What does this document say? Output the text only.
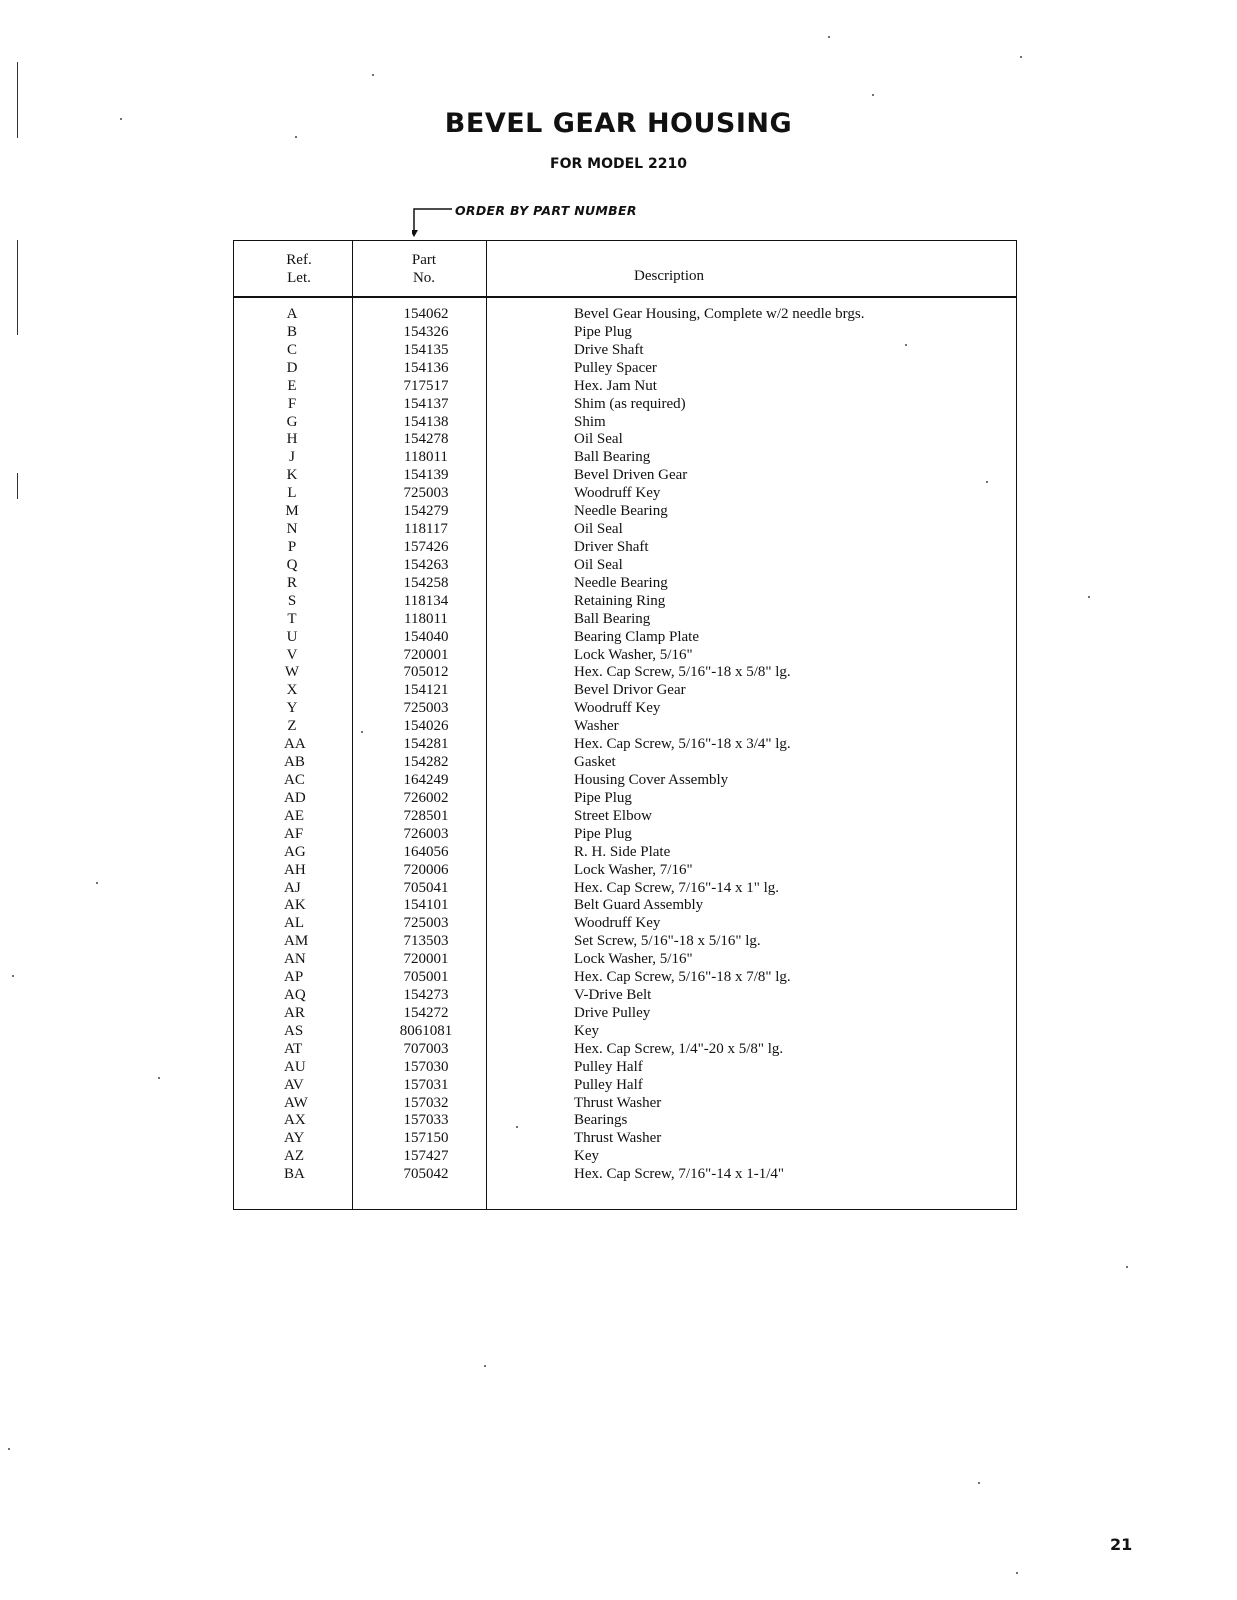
BEVEL GEAR HOUSING
FOR MODEL 2210
ORDER BY PART NUMBER
Ref.
Let.
Part
No.	Description
A	154062	Bevel Gear Housing, Complete w/2 needle brgs.
B	154326	Pipe Plug
C	154135	Drive Shaft
D	154136	Pulley Spacer
E	717517	Hex. Jam Nut
F	154137	Shim (as required)
G	154138	Shim
H	154278	Oil Seal
J	118011	Ball Bearing
K	154139	Bevel Driven Gear
L	725003	Woodruff Key
M	154279	Needle Bearing
N	118117	Oil Seal
P	157426	Driver Shaft
Q	154263	Oil Seal
R	154258	Needle Bearing
S	118134	Retaining Ring
T	118011	Ball Bearing
U	154040	Bearing Clamp Plate
V	720001	Lock Washer, 5/16"
W	705012	Hex. Cap Screw, 5/16"-18 x 5/8" lg.
X	154121	Bevel Drivor Gear
Y	725003	Woodruff Key
Z	154026	Washer
AA	154281	Hex. Cap Screw, 5/16"-18 x 3/4" lg.
AB	154282	Gasket
AC	164249	Housing Cover Assembly
AD	726002	Pipe Plug
AE	728501	Street Elbow
AF	726003	Pipe Plug
AG	164056	R. H. Side Plate
AH	720006	Lock Washer, 7/16"
AJ	705041	Hex. Cap Screw, 7/16"-14 x 1" lg.
AK	154101	Belt Guard Assembly
AL	725003	Woodruff Key
AM	713503	Set Screw, 5/16"-18 x 5/16" lg.
AN	720001	Lock Washer, 5/16"
AP	705001	Hex. Cap Screw, 5/16"-18 x 7/8" lg.
AQ	154273	V-Drive Belt
AR	154272	Drive Pulley
AS	8061081	Key
AT	707003	Hex. Cap Screw, 1/4"-20 x 5/8" lg.
AU	157030	Pulley Half
AV	157031	Pulley Half
AW	157032	Thrust Washer
AX	157033	Bearings
AY	157150	Thrust Washer
AZ	157427	Key
BA	705042	Hex. Cap Screw, 7/16"-14 x 1-1/4"
21
